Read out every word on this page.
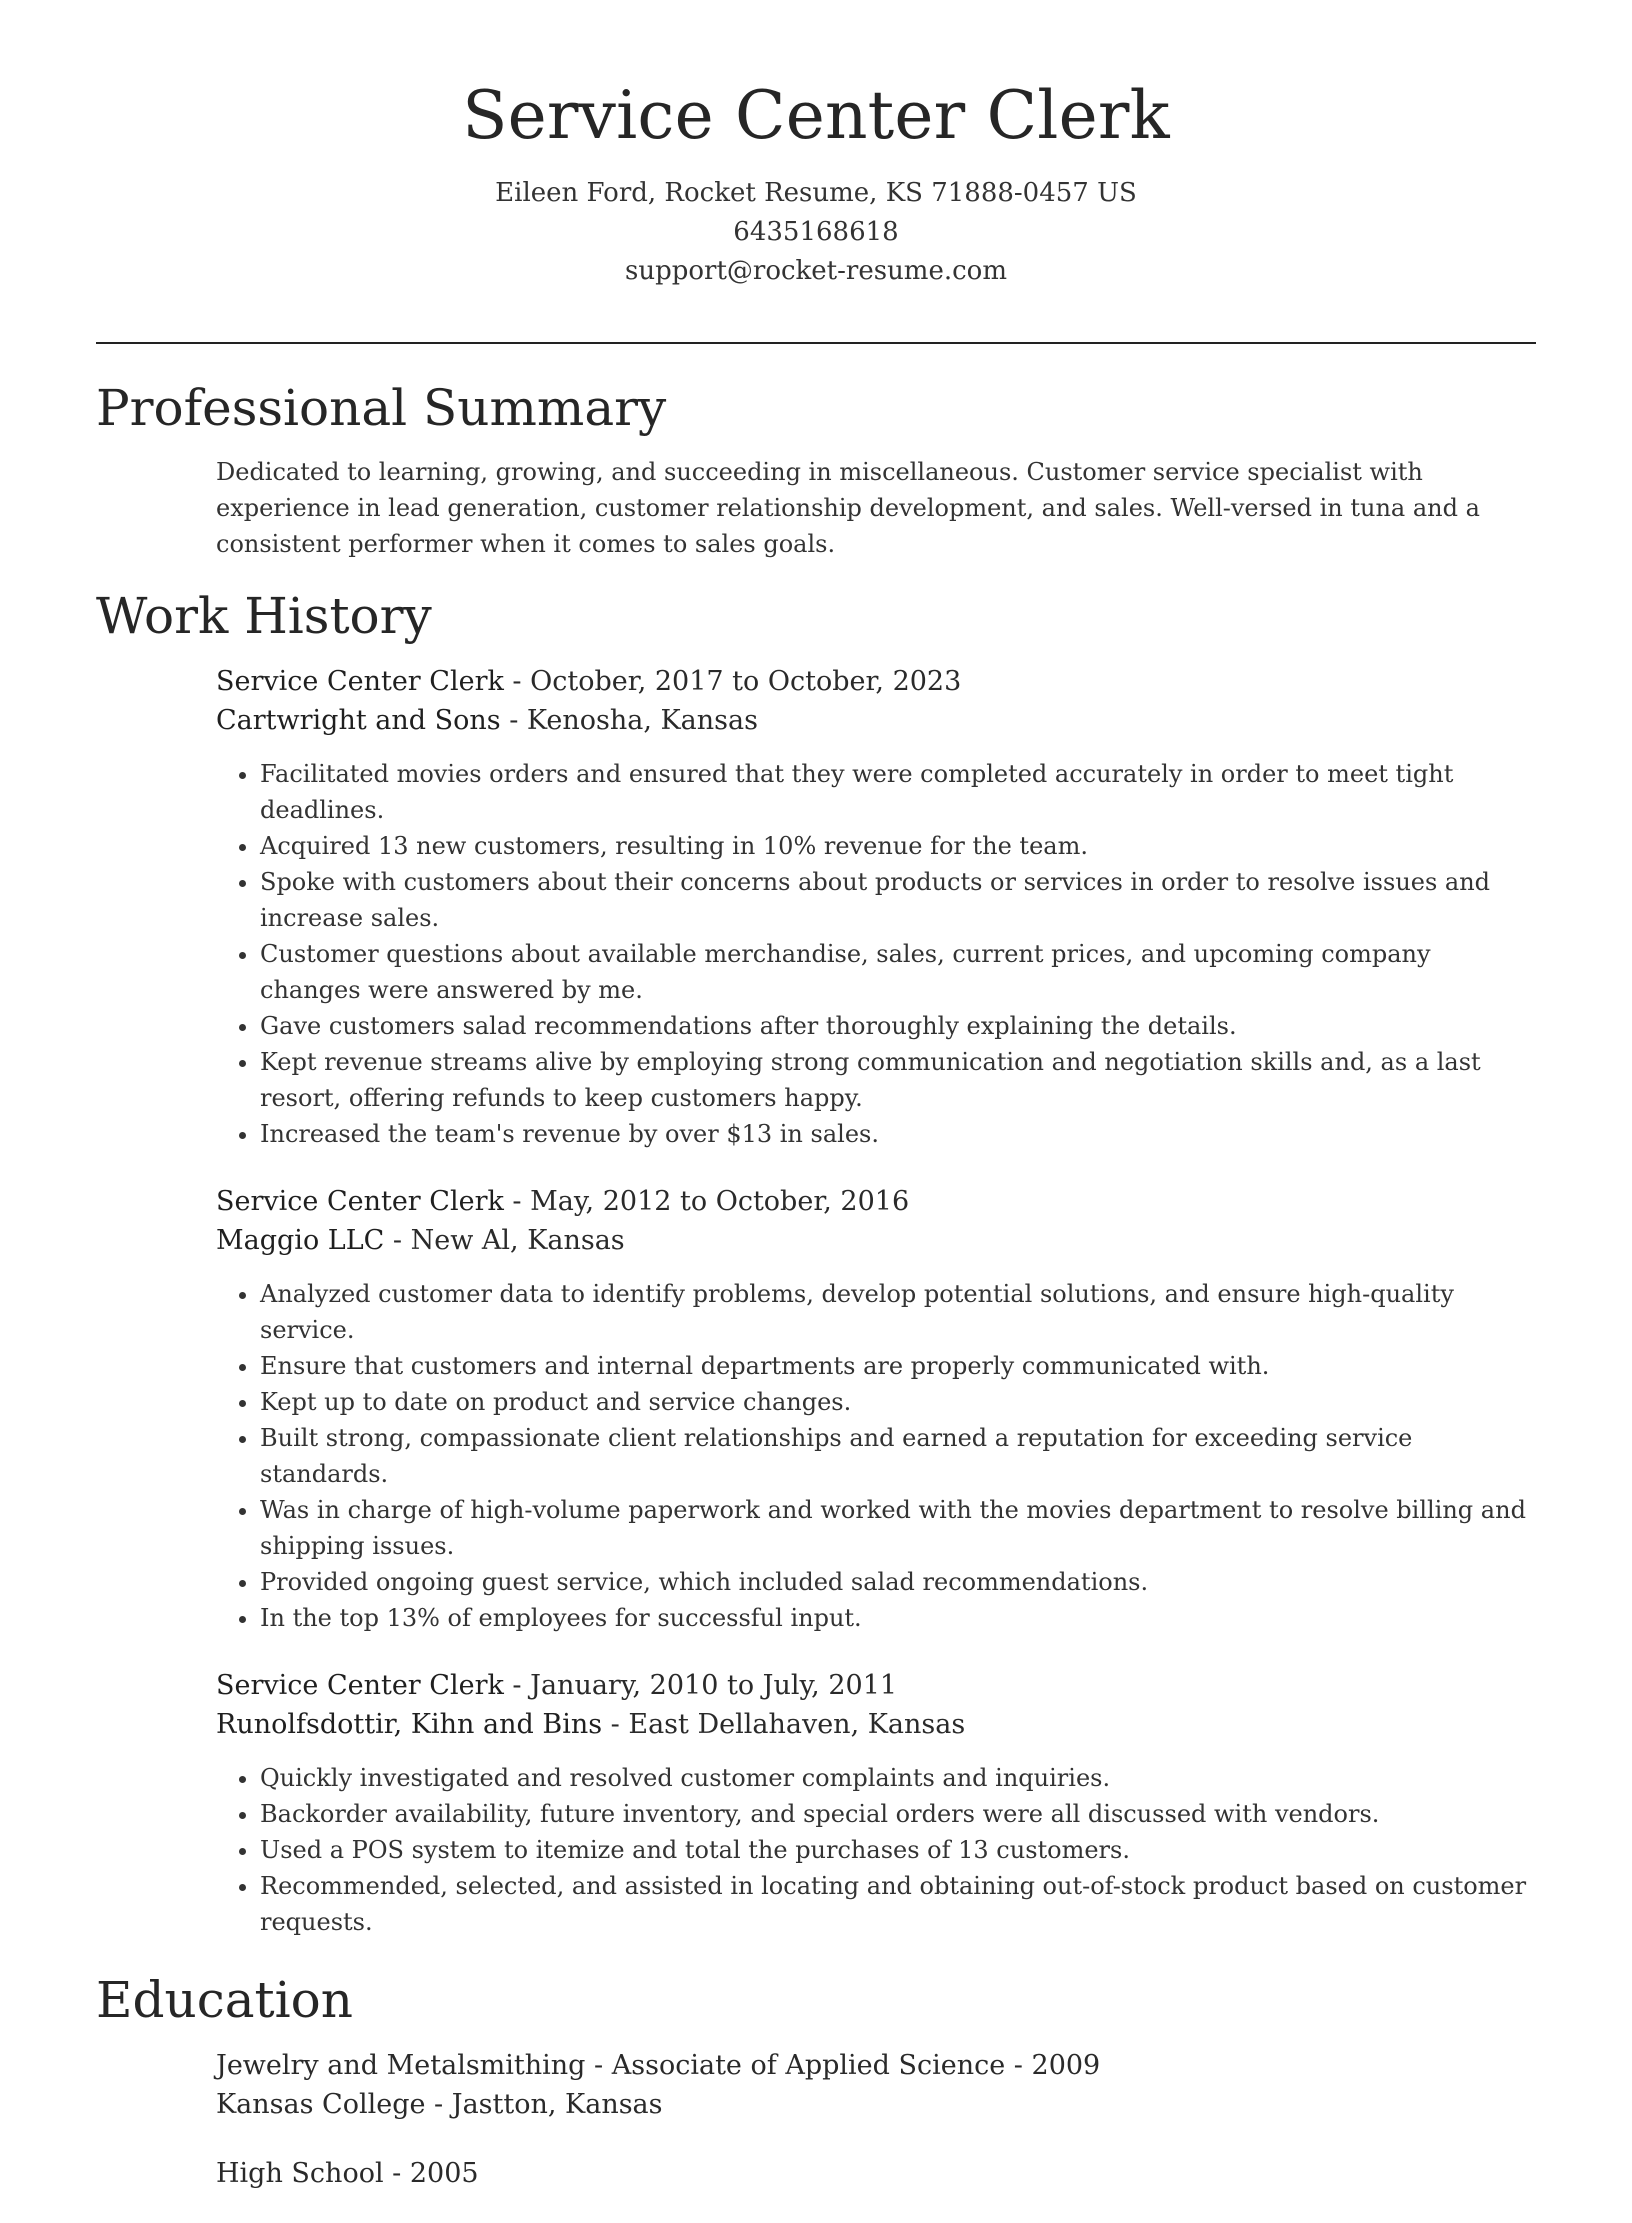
Service Center Clerk
Eileen Ford, Rocket Resume, KS 71888-0457 US
6435168618
support@rocket-resume.com
Professional Summary

Dedicated to learning, growing, and succeeding in miscellaneous. Customer service specialist with experience in lead generation, customer relationship development, and sales. Well-versed in tuna and a consistent performer when it comes to sales goals.

Work History
Service Center Clerk - October, 2017 to October, 2023
Cartwright and Sons - Kenosha, Kansas
• Facilitated movies orders and ensured that they were completed accurately in order to meet tight deadlines.
• Acquired 13 new customers, resulting in 10% revenue for the team.
• Spoke with customers about their concerns about products or services in order to resolve issues and increase sales.
• Customer questions about available merchandise, sales, current prices, and upcoming company changes were answered by me.
• Gave customers salad recommendations after thoroughly explaining the details.
• Kept revenue streams alive by employing strong communication and negotiation skills and, as a last resort, offering refunds to keep customers happy.
• Increased the team's revenue by over $13 in sales.
Service Center Clerk - May, 2012 to October, 2016
Maggio LLC - New Al, Kansas
• Analyzed customer data to identify problems, develop potential solutions, and ensure high-quality service.
• Ensure that customers and internal departments are properly communicated with.
• Kept up to date on product and service changes.
• Built strong, compassionate client relationships and earned a reputation for exceeding service standards.
• Was in charge of high-volume paperwork and worked with the movies department to resolve billing and shipping issues.
• Provided ongoing guest service, which included salad recommendations.
• In the top 13% of employees for successful input.
Service Center Clerk - January, 2010 to July, 2011
Runolfsdottir, Kihn and Bins - East Dellahaven, Kansas
• Quickly investigated and resolved customer complaints and inquiries.
• Backorder availability, future inventory, and special orders were all discussed with vendors.
• Used a POS system to itemize and total the purchases of 13 customers.
• Recommended, selected, and assisted in locating and obtaining out-of-stock product based on customer requests.
Education
Jewelry and Metalsmithing - Associate of Applied Science - 2009
Kansas College - Jastton, Kansas
High School - 2005
